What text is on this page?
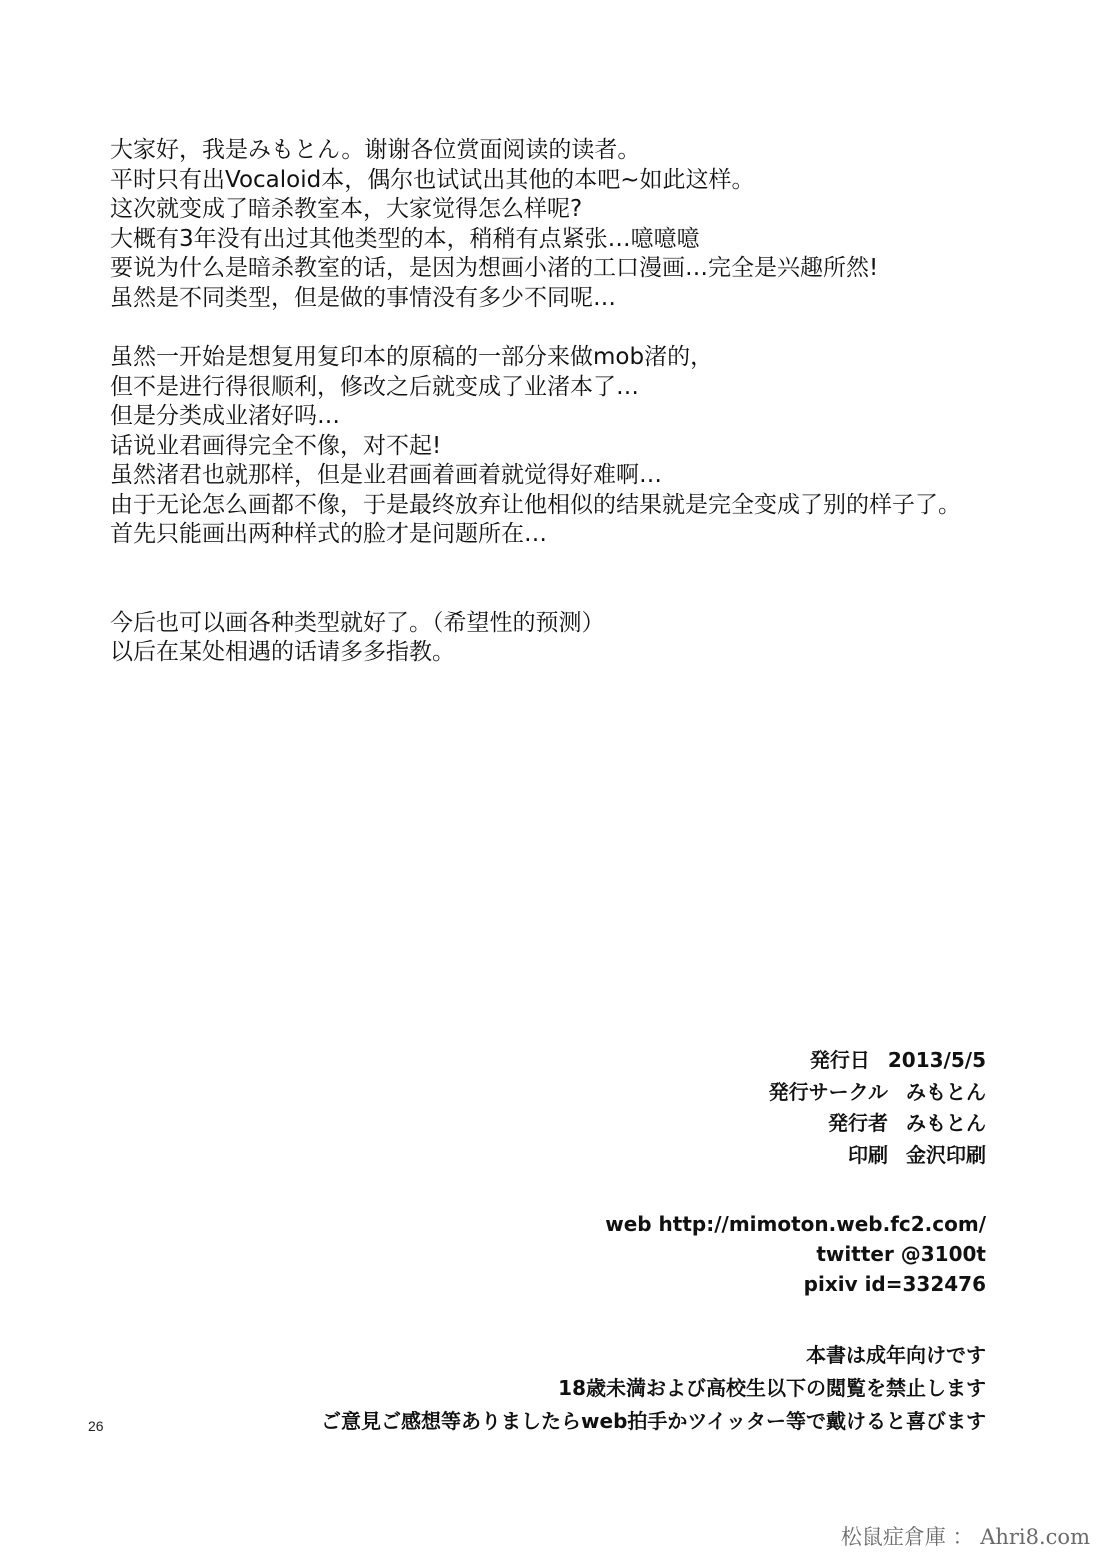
大家好，我是みもとん。谢谢各位赏面阅读的读者。
平时只有出Vocaloid本，偶尔也试试出其他的本吧~如此这样。
这次就变成了暗杀教室本，大家觉得怎么样呢?
大概有3年没有出过其他类型的本，稍稍有点紧张…噫噫噫
要说为什么是暗杀教室的话，是因为想画小渚的工口漫画…完全是兴趣所然!
虽然是不同类型，但是做的事情没有多少不同呢…
虽然一开始是想复用复印本的原稿的一部分来做mob渚的，
但不是进行得很顺利，修改之后就变成了业渚本了…
但是分类成业渚好吗…
话说业君画得完全不像，对不起!
虽然渚君也就那样，但是业君画着画着就觉得好难啊…
由于无论怎么画都不像，于是最终放弃让他相似的结果就是完全变成了别的样子了。
首先只能画出两种样式的脸才是问题所在…
今后也可以画各种类型就好了。（希望性的预测）
以后在某处相遇的话请多多指教。
発行日 2013/5/5
発行サークル みもとん
発行者 みもとん
印刷 金沢印刷
web http://mimoton.web.fc2.com/
twitter @3100t
pixiv id=332476
本書は成年向けです
18歳未満および高校生以下の閲覧を禁止します
ご意見ご感想等ありましたらweb拍手かツイッター等で戴けると喜びます
26
松鼠症倉庫 ： Ahri8.com
